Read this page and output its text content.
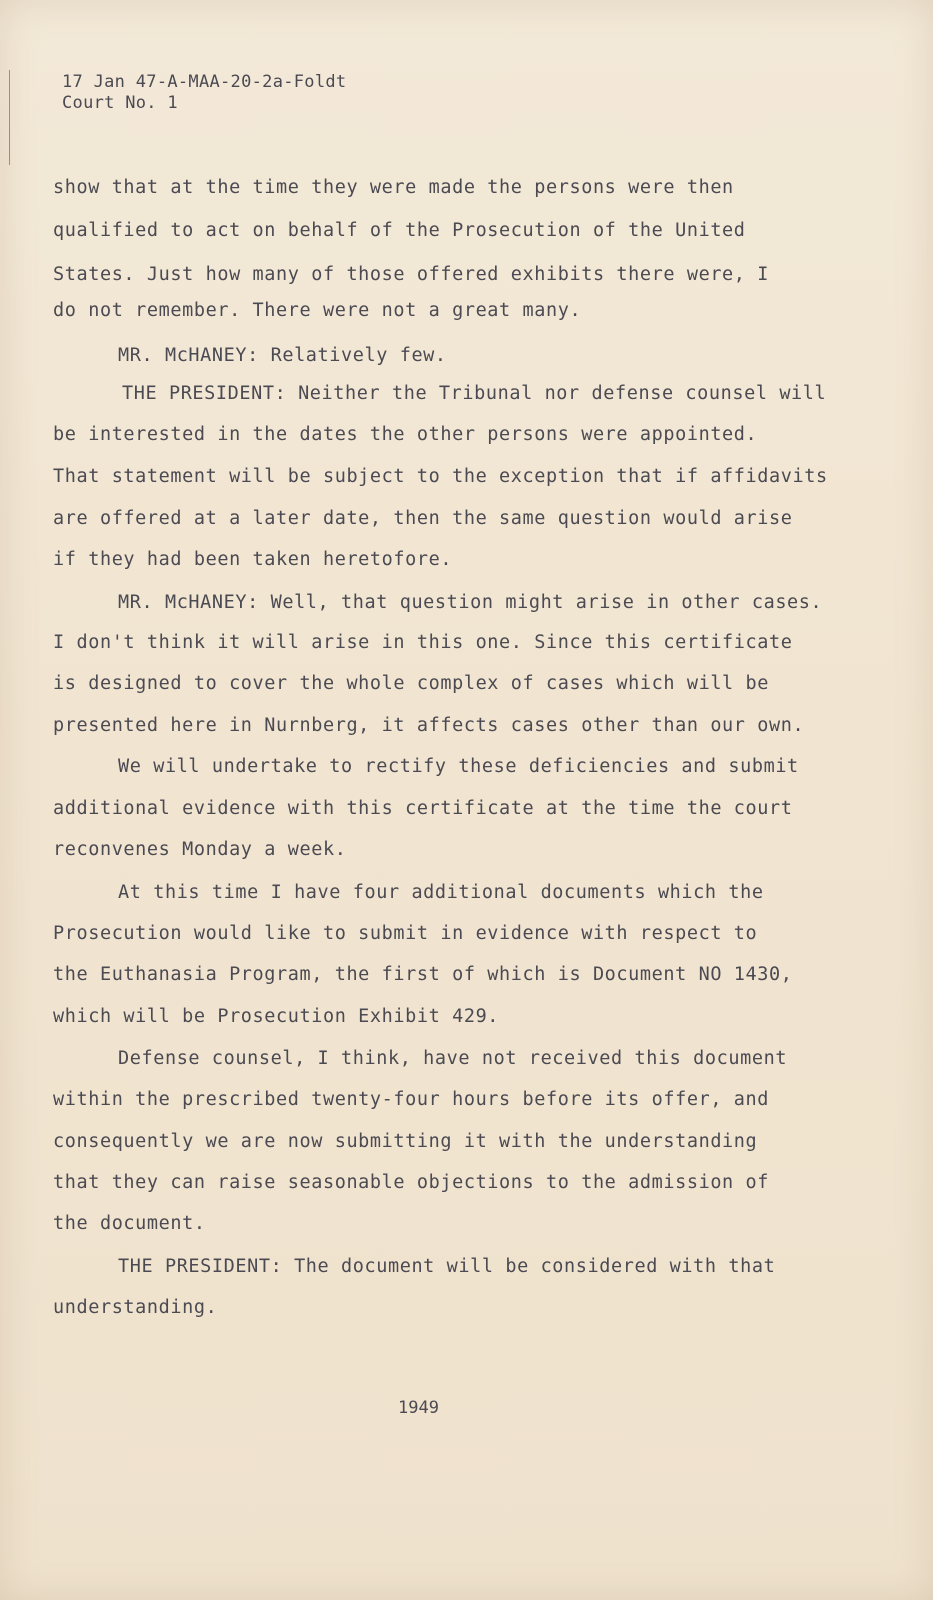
17 Jan 47-A-MAA-20-2a-Foldt
Court No. 1
show that at the time they were made the persons were then
qualified to act on behalf of the Prosecution of the United
States. Just how many of those offered exhibits there were, I
do not remember. There were not a great many.
MR. McHANEY: Relatively few.
THE PRESIDENT: Neither the Tribunal nor defense counsel will
be interested in the dates the other persons were appointed.
That statement will be subject to the exception that if affidavits
are offered at a later date, then the same question would arise
if they had been taken heretofore.
MR. McHANEY: Well, that question might arise in other cases.
I don't think it will arise in this one. Since this certificate
is designed to cover the whole complex of cases which will be
presented here in Nurnberg, it affects cases other than our own.
We will undertake to rectify these deficiencies and submit
additional evidence with this certificate at the time the court
reconvenes Monday a week.
At this time I have four additional documents which the
Prosecution would like to submit in evidence with respect to
the Euthanasia Program, the first of which is Document NO 1430,
which will be Prosecution Exhibit 429.
Defense counsel, I think, have not received this document
within the prescribed twenty-four hours before its offer, and
consequently we are now submitting it with the understanding
that they can raise seasonable objections to the admission of
the document.
THE PRESIDENT: The document will be considered with that
understanding.
1949
